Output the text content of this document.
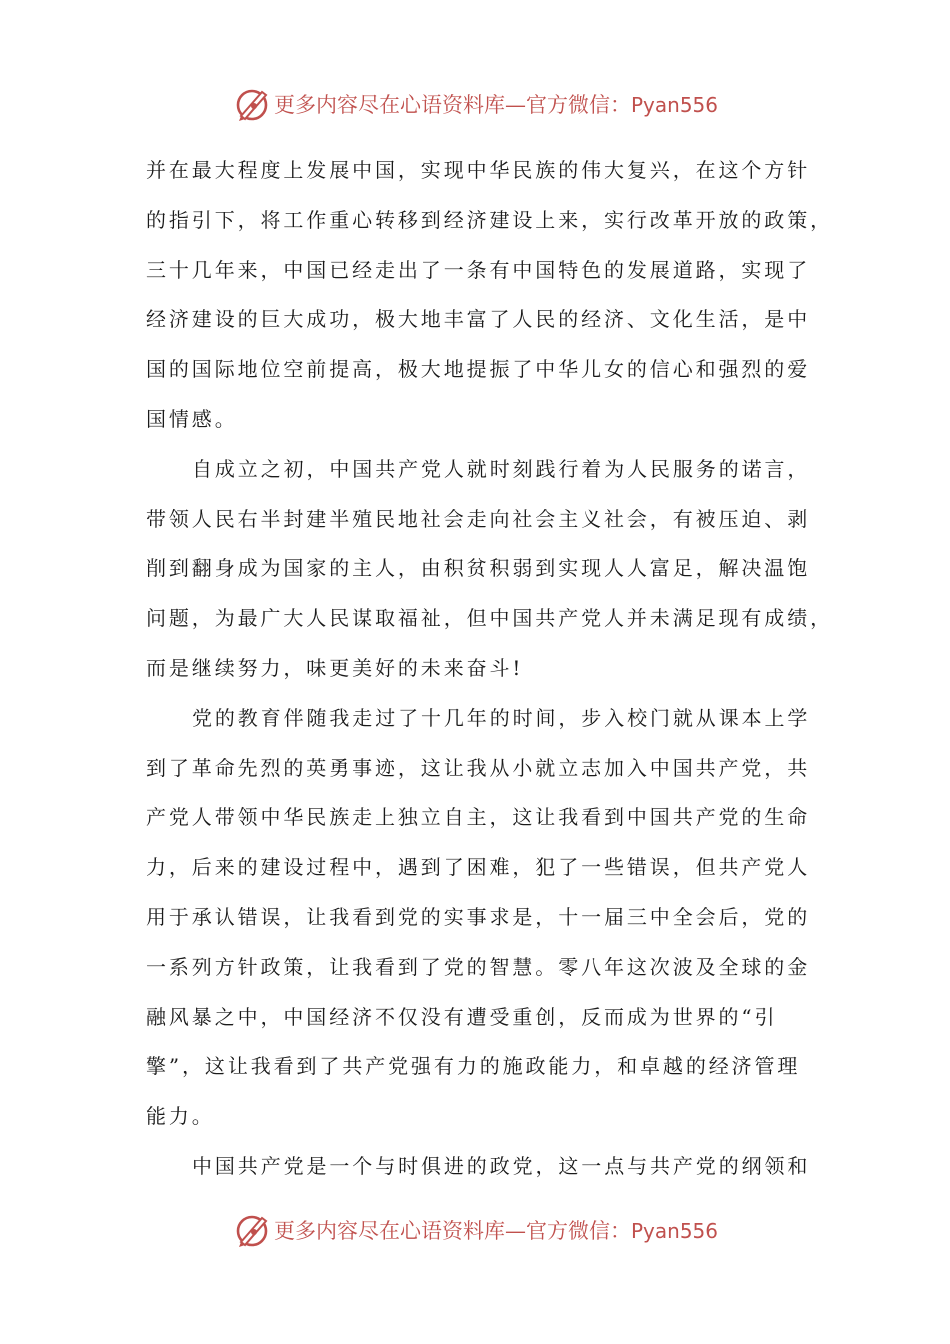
更多内容尽在心语资料库—官方微信：Pyan556
并在最大程度上发展中国，实现中华民族的伟大复兴，在这个方针
的指引下，将工作重心转移到经济建设上来，实行改革开放的政策，
三十几年来，中国已经走出了一条有中国特色的发展道路，实现了
经济建设的巨大成功，极大地丰富了人民的经济、文化生活，是中
国的国际地位空前提高，极大地提振了中华儿女的信心和强烈的爱
国情感。
自成立之初，中国共产党人就时刻践行着为人民服务的诺言，
带领人民右半封建半殖民地社会走向社会主义社会，有被压迫、剥
削到翻身成为国家的主人，由积贫积弱到实现人人富足，解决温饱
问题，为最广大人民谋取福祉，但中国共产党人并未满足现有成绩，
而是继续努力，味更美好的未来奋斗!
党的教育伴随我走过了十几年的时间，步入校门就从课本上学
到了革命先烈的英勇事迹，这让我从小就立志加入中国共产党，共
产党人带领中华民族走上独立自主，这让我看到中国共产党的生命
力，后来的建设过程中，遇到了困难，犯了一些错误，但共产党人
用于承认错误，让我看到党的实事求是，十一届三中全会后，党的
一系列方针政策，让我看到了党的智慧。零八年这次波及全球的金
融风暴之中，中国经济不仅没有遭受重创，反而成为世界的“引
擎”，这让我看到了共产党强有力的施政能力，和卓越的经济管理
能力。
中国共产党是一个与时俱进的政党，这一点与共产党的纲领和
更多内容尽在心语资料库—官方微信：Pyan556
